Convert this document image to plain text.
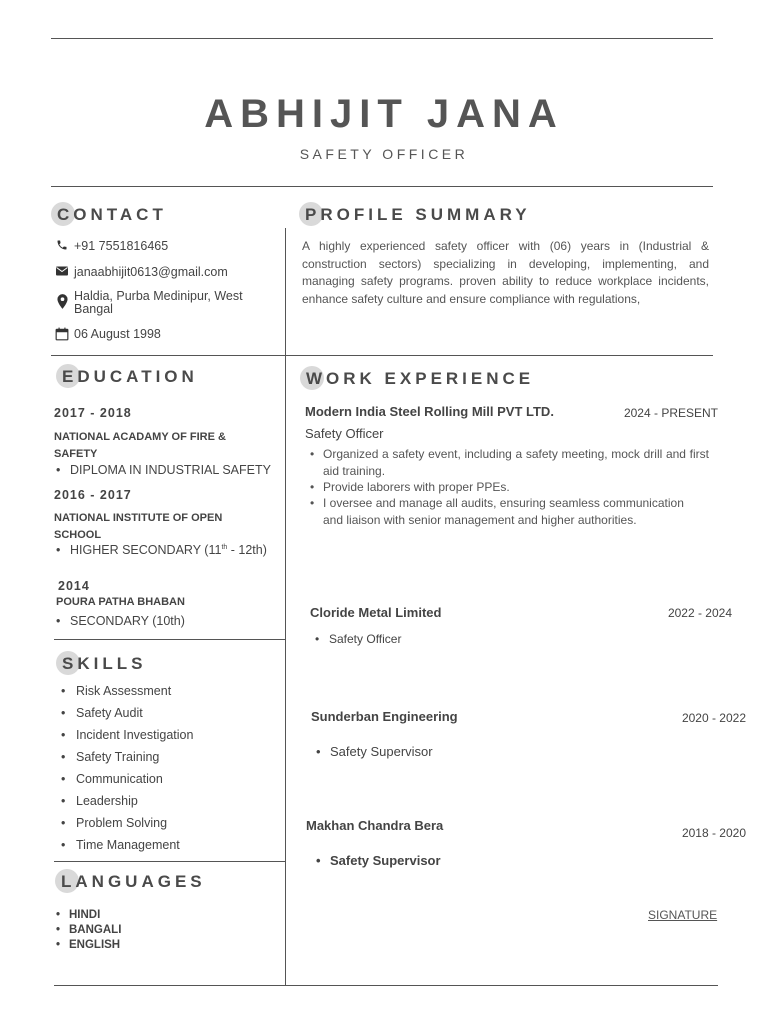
ABHIJIT JANA
SAFETY OFFICER
CONTACT
+91 7551816465
janaabhijit0613@gmail.com
Haldia, Purba Medinipur, West Bangal
06 August 1998
PROFILE SUMMARY
A highly experienced safety officer with (06) years in (Industrial & construction sectors) specializing in developing, implementing, and managing safety programs. proven ability to reduce workplace incidents, enhance safety culture and ensure compliance with regulations,
EDUCATION
2017 - 2018
NATIONAL ACADAMY OF FIRE & SAFETY
• DIPLOMA IN INDUSTRIAL SAFETY
2016 - 2017
NATIONAL INSTITUTE OF OPEN SCHOOL
• HIGHER SECONDARY (11th - 12th)
2014
POURA PATHA BHABAN
• SECONDARY (10th)
SKILLS
• Risk Assessment
• Safety Audit
• Incident Investigation
• Safety Training
• Communication
• Leadership
• Problem Solving
• Time Management
LANGUAGES
• HINDI
• BANGALI
• ENGLISH
WORK EXPERIENCE
Modern India Steel Rolling Mill PVT LTD.	2024 - PRESENT
Safety Officer
• Organized a safety event, including a safety meeting, mock drill and first aid training.
• Provide laborers with proper PPEs.
• I oversee and manage all audits, ensuring seamless communication and liaison with senior management and higher authorities.
Cloride Metal Limited	2022 - 2024
• Safety Officer
Sunderban Engineering	2020 - 2022
• Safety Supervisor
Makhan Chandra Bera	2018 - 2020
• Safety Supervisor
SIGNATURE
